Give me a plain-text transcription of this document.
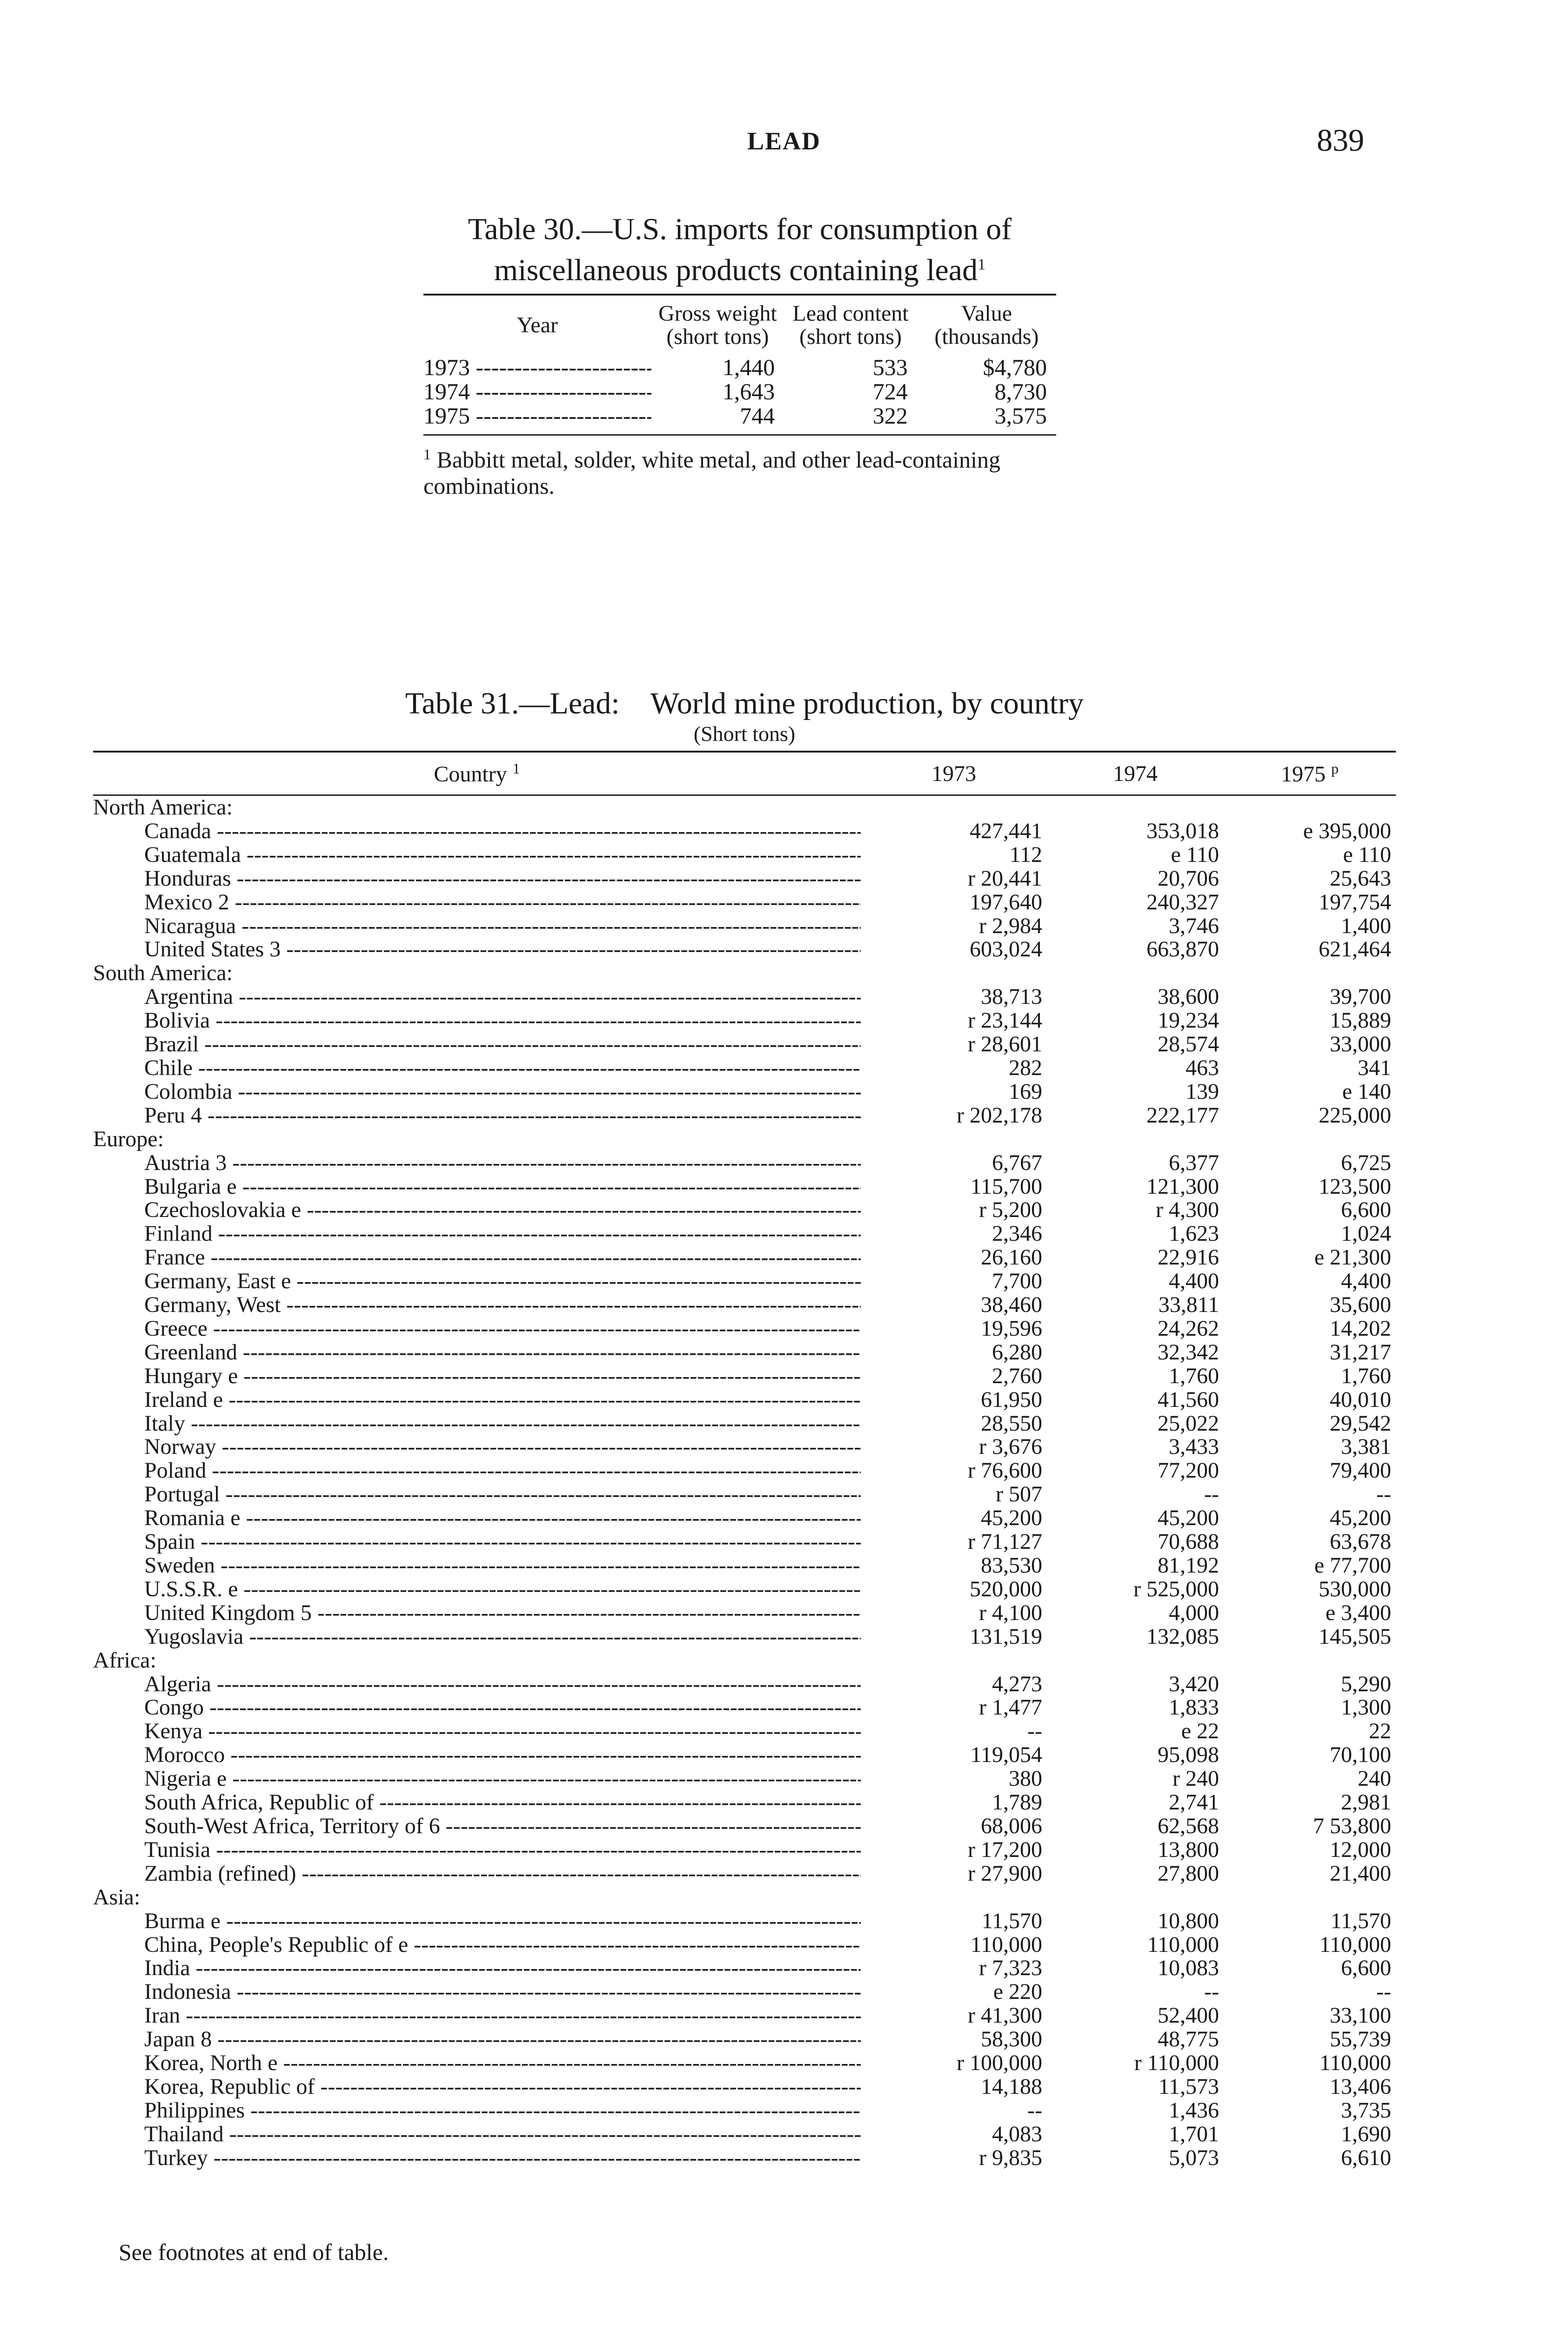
LEAD	839
Table 30.—U.S. imports for consumption of
miscellaneous products containing lead$^1$
Year	Gross weight (short tons)	Lead content (short tons)	Value (thousands)
1973 -----	1,440	533	$4,780
1974 -----	1,643	724	8,730
1975 -----	744	322	3,575
$^1$ Babbitt metal, solder, white metal, and other lead-containing combinations.
Table 31.—Lead: World mine production, by country
(Short tons)
Country $^1$	1973	1974	1975 $^p$
North America:			
Canada -----	427,441	353,018	e 395,000
Guatemala -----	112	e 110	e 110
Honduras -----	r 20,441	20,706	25,643
Mexico 2 -----	197,640	240,327	197,754
Nicaragua -----	r 2,984	3,746	1,400
United States 3 -----	603,024	663,870	621,464
South America:			
Argentina -----	38,713	38,600	39,700
Bolivia -----	r 23,144	19,234	15,889
Brazil -----	r 28,601	28,574	33,000
Chile -----	282	463	341
Colombia -----	169	139	e 140
Peru 4 -----	r 202,178	222,177	225,000
Europe:			
Austria 3 -----	6,767	6,377	6,725
Bulgaria e -----	115,700	121,300	123,500
Czechoslovakia e -----	r 5,200	r 4,300	6,600
Finland -----	2,346	1,623	1,024
France -----	26,160	22,916	e 21,300
Germany, East e -----	7,700	4,400	4,400
Germany, West -----	38,460	33,811	35,600
Greece -----	19,596	24,262	14,202
Greenland -----	6,280	32,342	31,217
Hungary e -----	2,760	1,760	1,760
Ireland e -----	61,950	41,560	40,010
Italy -----	28,550	25,022	29,542
Norway -----	r 3,676	3,433	3,381
Poland -----	r 76,600	77,200	79,400
Portugal -----	r 507	--	--
Romania e -----	45,200	45,200	45,200
Spain -----	r 71,127	70,688	63,678
Sweden -----	83,530	81,192	e 77,700
U.S.S.R. e -----	520,000	r 525,000	530,000
United Kingdom 5 -----	r 4,100	4,000	e 3,400
Yugoslavia -----	131,519	132,085	145,505
Africa:			
Algeria -----	4,273	3,420	5,290
Congo -----	r 1,477	1,833	1,300
Kenya -----	--	e 22	22
Morocco -----	119,054	95,098	70,100
Nigeria e -----	380	r 240	240
South Africa, Republic of -----	1,789	2,741	2,981
South-West Africa, Territory of 6 -----	68,006	62,568	7 53,800
Tunisia -----	r 17,200	13,800	12,000
Zambia (refined) -----	r 27,900	27,800	21,400
Asia:			
Burma e -----	11,570	10,800	11,570
China, People's Republic of e -----	110,000	110,000	110,000
India -----	r 7,323	10,083	6,600
Indonesia -----	e 220	--	--
Iran -----	r 41,300	52,400	33,100
Japan 8 -----	58,300	48,775	55,739
Korea, North e -----	r 100,000	r 110,000	110,000
Korea, Republic of -----	14,188	11,573	13,406
Philippines -----	--	1,436	3,735
Thailand -----	4,083	1,701	1,690
Turkey -----	r 9,835	5,073	6,610
See footnotes at end of table.
